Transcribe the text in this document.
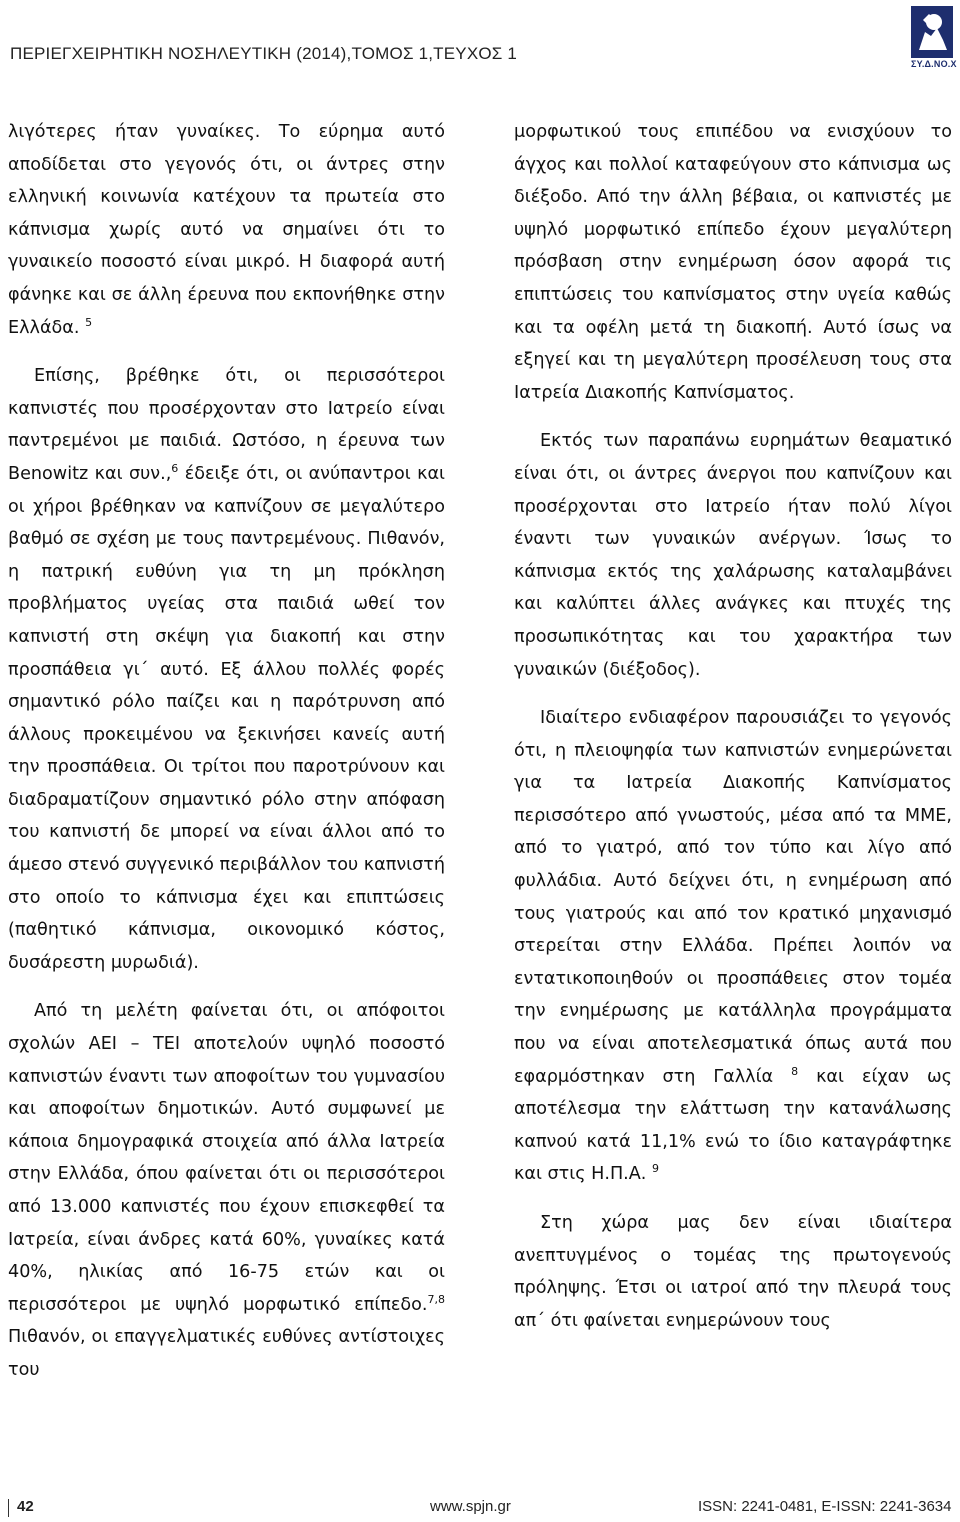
ΠΕΡΙΕΓΧΕΙΡΗΤΙΚΗ ΝΟΣΗΛΕΥΤΙΚΗ (2014),ΤΟΜΟΣ 1,ΤΕΥΧΟΣ 1
ΣΥ.Δ.ΝΟ.Χ

λιγότερες ήταν γυναίκες. Το εύρημα αυτό αποδίδεται στο γεγονός ότι, οι άντρες στην ελληνική κοινωνία κατέχουν τα πρωτεία στο κάπνισμα χωρίς αυτό να σημαίνει ότι το γυναικείο ποσοστό είναι μικρό. Η διαφορά αυτή φάνηκε και σε άλλη έρευνα που εκπονήθηκε στην Ελλάδα. $^5$

Επίσης, βρέθηκε ότι, οι περισσότεροι καπνιστές που προσέρχονταν στο Ιατρείο είναι παντρεμένοι με παιδιά. Ωστόσο, η έρευνα των Benowitz και συν.,$^6$ έδειξε ότι, οι ανύπαντροι και οι χήροι βρέθηκαν να καπνίζουν σε μεγαλύτερο βαθμό σε σχέση με τους παντρεμένους. Πιθανόν, η πατρική ευθύνη για τη μη πρόκληση προβλήματος υγείας στα παιδιά ωθεί τον καπνιστή στη σκέψη για διακοπή και στην προσπάθεια γι΄ αυτό. Εξ άλλου πολλές φορές σημαντικό ρόλο παίζει και η παρότρυνση από άλλους προκειμένου να ξεκινήσει κανείς αυτή την προσπάθεια. Οι τρίτοι που παροτρύνουν και διαδραματίζουν σημαντικό ρόλο στην απόφαση του καπνιστή δε μπορεί να είναι άλλοι από το άμεσο στενό συγγενικό περιβάλλον του καπνιστή στο οποίο το κάπνισμα έχει και επιπτώσεις (παθητικό κάπνισμα, οικονομικό κόστος, δυσάρεστη μυρωδιά).

Από τη μελέτη φαίνεται ότι, οι απόφοιτοι σχολών ΑΕΙ – ΤΕΙ αποτελούν υψηλό ποσοστό καπνιστών έναντι των αποφοίτων του γυμνασίου και αποφοίτων δημοτικών. Αυτό συμφωνεί με κάποια δημογραφικά στοιχεία από άλλα Ιατρεία στην Ελλάδα, όπου φαίνεται ότι οι περισσότεροι από 13.000 καπνιστές που έχουν επισκεφθεί τα Ιατρεία, είναι άνδρες κατά 60%, γυναίκες κατά 40%, ηλικίας από 16-75 ετών και οι περισσότεροι με υψηλό μορφωτικό επίπεδο.$^{7,8}$ Πιθανόν, οι επαγγελματικές ευθύνες αντίστοιχες του

μορφωτικού τους επιπέδου να ενισχύουν το άγχος και πολλοί καταφεύγουν στο κάπνισμα ως διέξοδο. Από την άλλη βέβαια, οι καπνιστές με υψηλό μορφωτικό επίπεδο έχουν μεγαλύτερη πρόσβαση στην ενημέρωση όσον αφορά τις επιπτώσεις του καπνίσματος στην υγεία καθώς και τα οφέλη μετά τη διακοπή. Αυτό ίσως να εξηγεί και τη μεγαλύτερη προσέλευση τους στα Ιατρεία Διακοπής Καπνίσματος.

Εκτός των παραπάνω ευρημάτων θεαματικό είναι ότι, οι άντρες άνεργοι που καπνίζουν και προσέρχονται στο Ιατρείο ήταν πολύ λίγοι έναντι των γυναικών ανέργων. Ίσως το κάπνισμα εκτός της χαλάρωσης καταλαμβάνει και καλύπτει άλλες ανάγκες και πτυχές της προσωπικότητας και του χαρακτήρα των γυναικών (διέξοδος).

Ιδιαίτερο ενδιαφέρον παρουσιάζει το γεγονός ότι, η πλειοψηφία των καπνιστών ενημερώνεται για τα Ιατρεία Διακοπής Καπνίσματος περισσότερο από γνωστούς, μέσα από τα ΜΜΕ, από το γιατρό, από τον τύπο και λίγο από φυλλάδια. Αυτό δείχνει ότι, η ενημέρωση από τους γιατρούς και από τον κρατικό μηχανισμό στερείται στην Ελλάδα. Πρέπει λοιπόν να εντατικοποιηθούν οι προσπάθειες στον τομέα την ενημέρωσης με κατάλληλα προγράμματα που να είναι αποτελεσματικά όπως αυτά που εφαρμόστηκαν στη Γαλλία $^8$ και είχαν ως αποτέλεσμα την ελάττωση την κατανάλωσης καπνού κατά 11,1% ενώ το ίδιο καταγράφτηκε και στις Η.Π.Α. $^9$

Στη χώρα μας δεν είναι ιδιαίτερα ανεπτυγμένος ο τομέας της πρωτογενούς πρόληψης. Έτσι οι ιατροί από την πλευρά τους απ΄ ότι φαίνεται ενημερώνουν τους

42	www.spjn.gr	ISSN: 2241-0481, E-ISSN: 2241-3634
